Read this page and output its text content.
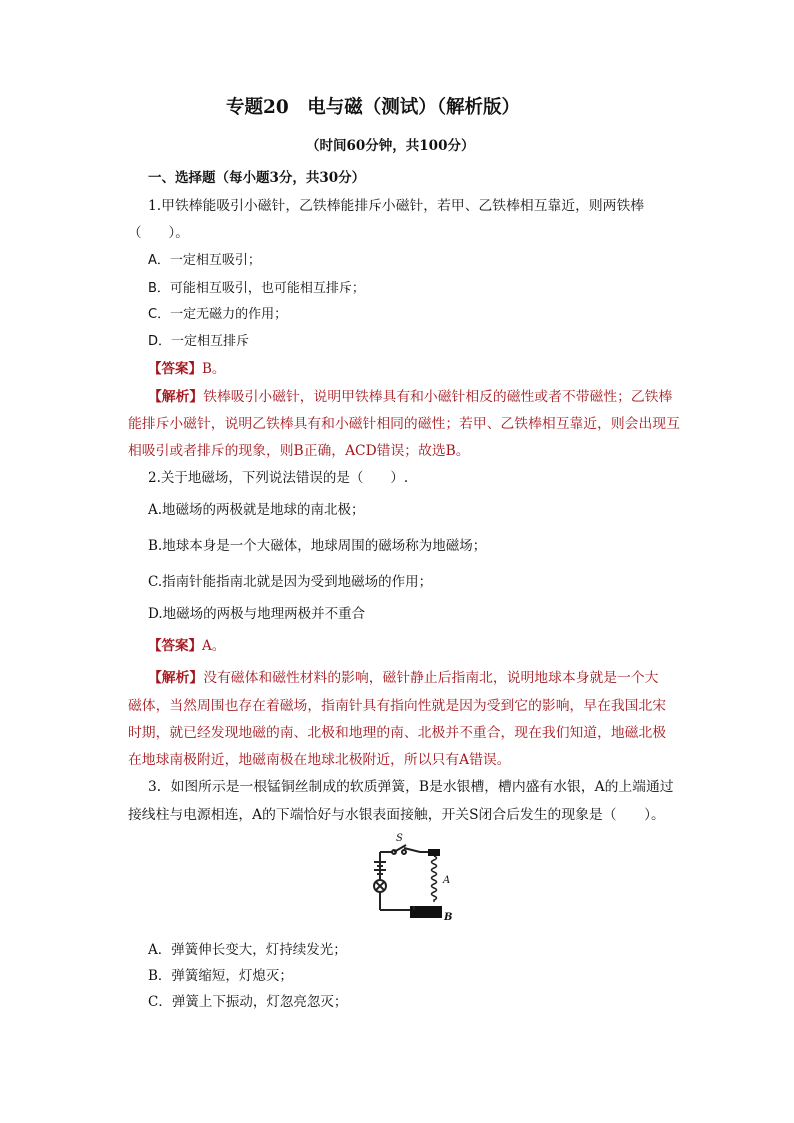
专题20　电与磁（测试）（解析版）
（时间60分钟，共100分）
一、选择题（每小题3分，共30分）
1.甲铁棒能吸引小磁针，乙铁棒能排斥小磁针，若甲、乙铁棒相互靠近，则两铁棒
（　　）。
A．一定相互吸引；
B．可能相互吸引，也可能相互排斥；
C．一定无磁力的作用；
D．一定相互排斥
【答案】B。
【解析】铁棒吸引小磁针，说明甲铁棒具有和小磁针相反的磁性或者不带磁性；乙铁棒
能排斥小磁针，说明乙铁棒具有和小磁针相同的磁性；若甲、乙铁棒相互靠近，则会出现互
相吸引或者排斥的现象，则B正确，ACD错误；故选B。
2.关于地磁场，下列说法错误的是（　　）.
A.地磁场的两极就是地球的南北极；
B.地球本身是一个大磁体，地球周围的磁场称为地磁场；
C.指南针能指南北就是因为受到地磁场的作用；
D.地磁场的两极与地理两极并不重合
【答案】A。
【解析】没有磁体和磁性材料的影响，磁针静止后指南北，说明地球本身就是一个大
磁体，当然周围也存在着磁场，指南针具有指向性就是因为受到它的影响，早在我国北宋
时期，就已经发现地磁的南、北极和地理的南、北极并不重合，现在我们知道，地磁北极
在地球南极附近，地磁南极在地球北极附近，所以只有A错误。
3．如图所示是一根锰铜丝制成的软质弹簧，B是水银槽，槽内盛有水银，A的上端通过
接线柱与电源相连，A的下端恰好与水银表面接触，开关S闭合后发生的现象是（　　）。
S
A
B
A．弹簧伸长变大，灯持续发光；
B．弹簧缩短，灯熄灭；
C．弹簧上下振动，灯忽亮忽灭；
